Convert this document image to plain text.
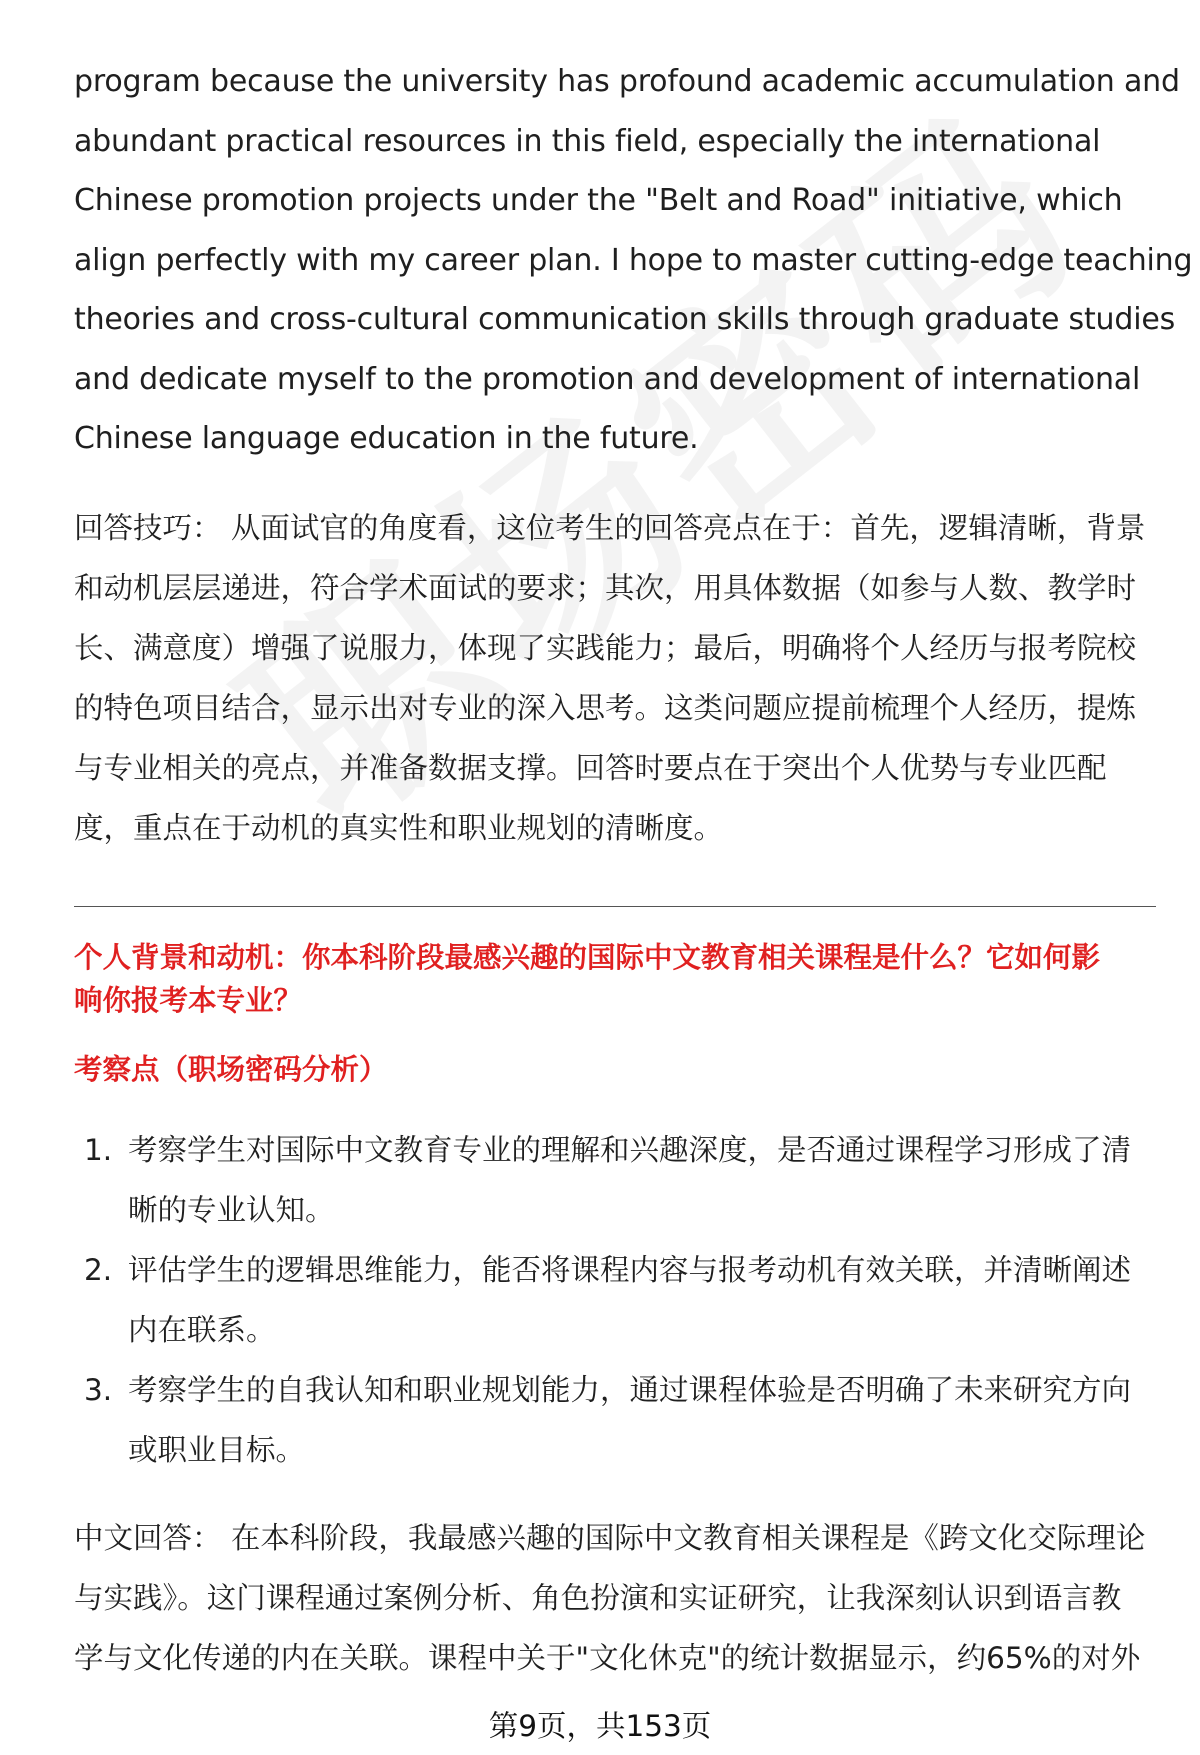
program because the university has profound academic accumulation and
abundant practical resources in this field, especially the international
Chinese promotion projects under the "Belt and Road" initiative, which
align perfectly with my career plan. I hope to master cutting-edge teaching
theories and cross-cultural communication skills through graduate studies
and dedicate myself to the promotion and development of international
Chinese language education in the future.
回答技巧： 从面试官的角度看，这位考生的回答亮点在于：首先，逻辑清晰，背景
和动机层层递进，符合学术面试的要求；其次，用具体数据（如参与人数、教学时
长、满意度）增强了说服力，体现了实践能力；最后，明确将个人经历与报考院校
的特色项目结合，显示出对专业的深入思考。这类问题应提前梳理个人经历，提炼
与专业相关的亮点，并准备数据支撑。回答时要点在于突出个人优势与专业匹配
度，重点在于动机的真实性和职业规划的清晰度。
个人背景和动机：你本科阶段最感兴趣的国际中文教育相关课程是什么？它如何影
响你报考本专业？
考察点（职场密码分析）
1. 考察学生对国际中文教育专业的理解和兴趣深度，是否通过课程学习形成了清
晰的专业认知。
2. 评估学生的逻辑思维能力，能否将课程内容与报考动机有效关联，并清晰阐述
内在联系。
3. 考察学生的自我认知和职业规划能力，通过课程体验是否明确了未来研究方向
或职业目标。
中文回答： 在本科阶段，我最感兴趣的国际中文教育相关课程是《跨文化交际理论
与实践》。这门课程通过案例分析、角色扮演和实证研究，让我深刻认识到语言教
学与文化传递的内在关联。课程中关于"文化休克"的统计数据显示，约65%的对外
第9页，共153页
